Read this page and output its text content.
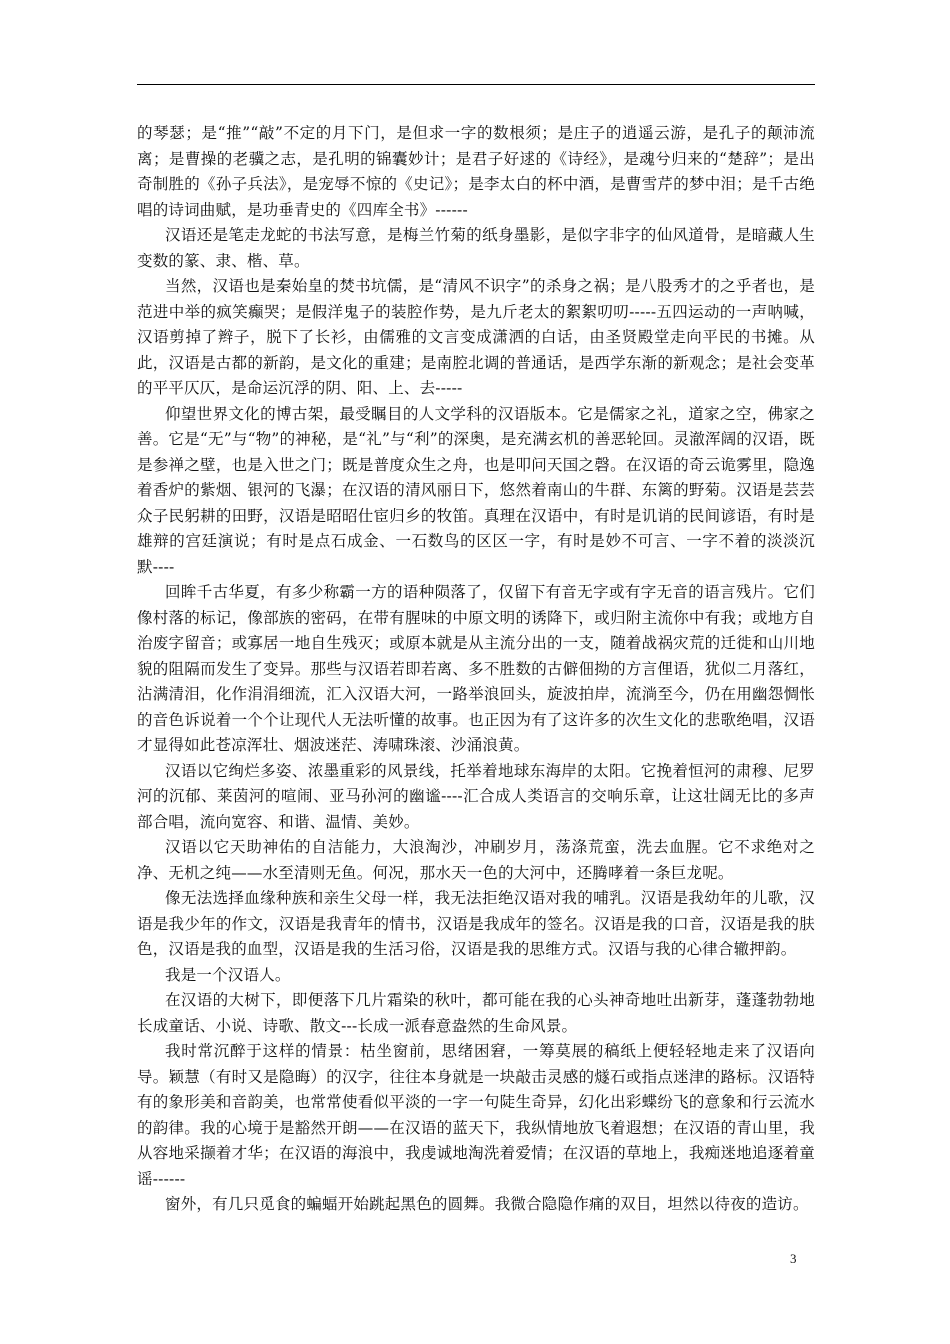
的琴瑟；是“推”“敲”不定的月下门，是但求一字的数根须；是庄子的逍遥云游，是孔子的颠沛流离；是曹操的老骥之志，是孔明的锦囊妙计；是君子好逑的《诗经》，是魂兮归来的“楚辞”；是出奇制胜的《孙子兵法》，是宠辱不惊的《史记》；是李太白的杯中酒，是曹雪芹的梦中泪；是千古绝唱的诗词曲赋，是功垂青史的《四库全书》------

汉语还是笔走龙蛇的书法写意，是梅兰竹菊的纸身墨影，是似字非字的仙风道骨，是暗藏人生变数的篆、隶、楷、草。

当然，汉语也是秦始皇的焚书坑儒，是“清风不识字”的杀身之祸；是八股秀才的之乎者也，是范进中举的疯笑癫哭；是假洋鬼子的装腔作势，是九斤老太的絮絮叨叨-----五四运动的一声呐喊，汉语剪掉了辫子，脱下了长衫，由儒雅的文言变成潇洒的白话，由圣贤殿堂走向平民的书摊。从此，汉语是古都的新韵，是文化的重建；是南腔北调的普通话，是西学东渐的新观念；是社会变革的平平仄仄，是命运沉浮的阴、阳、上、去-----

仰望世界文化的博古架，最受瞩目的人文学科的汉语版本。它是儒家之礼，道家之空，佛家之善。它是“无”与“物”的神秘，是“礼”与“利”的深奥，是充满玄机的善恶轮回。灵澈浑阔的汉语，既是参禅之壁，也是入世之门；既是普度众生之舟，也是叩问天国之磬。在汉语的奇云诡雾里，隐逸着香炉的紫烟、银河的飞瀑；在汉语的清风丽日下，悠然着南山的牛群、东篱的野菊。汉语是芸芸众子民躬耕的田野，汉语是昭昭仕宦归乡的牧笛。真理在汉语中，有时是讥诮的民间谚语，有时是雄辩的宫廷演说；有时是点石成金、一石数鸟的区区一字，有时是妙不可言、一字不着的淡淡沉默----

回眸千古华夏，有多少称霸一方的语种陨落了，仅留下有音无字或有字无音的语言残片。它们像村落的标记，像部族的密码，在带有腥味的中原文明的诱降下，或归附主流你中有我；或地方自治废字留音；或寡居一地自生残灭；或原本就是从主流分出的一支，随着战祸灾荒的迁徙和山川地貌的阻隔而发生了变异。那些与汉语若即若离、多不胜数的古僻佃拗的方言俚语，犹似二月落红，沾满清泪，化作涓涓细流，汇入汉语大河，一路举浪回头，旋波拍岸，流淌至今，仍在用幽怨惆怅的音色诉说着一个个让现代人无法听懂的故事。也正因为有了这许多的次生文化的悲歌绝唱，汉语才显得如此苍凉浑壮、烟波迷茫、涛啸珠滚、沙涌浪黄。

汉语以它绚烂多姿、浓墨重彩的风景线，托举着地球东海岸的太阳。它挽着恒河的肃穆、尼罗河的沉郁、莱茵河的喧闹、亚马孙河的幽谧----汇合成人类语言的交响乐章，让这壮阔无比的多声部合唱，流向宽容、和谐、温情、美妙。

汉语以它天助神佑的自洁能力，大浪淘沙，冲刷岁月，荡涤荒蛮，洗去血腥。它不求绝对之净、无机之纯——水至清则无鱼。何况，那水天一色的大河中，还腾哮着一条巨龙呢。

像无法选择血缘种族和亲生父母一样，我无法拒绝汉语对我的哺乳。汉语是我幼年的儿歌，汉语是我少年的作文，汉语是我青年的情书，汉语是我成年的签名。汉语是我的口音，汉语是我的肤色，汉语是我的血型，汉语是我的生活习俗，汉语是我的思维方式。汉语与我的心律合辙押韵。

我是一个汉语人。

在汉语的大树下，即便落下几片霜染的秋叶，都可能在我的心头神奇地吐出新芽，蓬蓬勃勃地长成童话、小说、诗歌、散文---长成一派春意盎然的生命风景。

我时常沉醉于这样的情景：枯坐窗前，思绪困窘，一筹莫展的稿纸上便轻轻地走来了汉语向导。颖慧（有时又是隐晦）的汉字，往往本身就是一块敲击灵感的燧石或指点迷津的路标。汉语特有的象形美和音韵美，也常常使看似平淡的一字一句陡生奇异，幻化出彩蝶纷飞的意象和行云流水的韵律。我的心境于是豁然开朗——在汉语的蓝天下，我纵情地放飞着遐想；在汉语的青山里，我从容地采撷着才华；在汉语的海浪中，我虔诚地淘洗着爱情；在汉语的草地上，我痴迷地追逐着童谣------

窗外，有几只觅食的蝙蝠开始跳起黑色的圆舞。我微合隐隐作痛的双目，坦然以待夜的造访。

3
